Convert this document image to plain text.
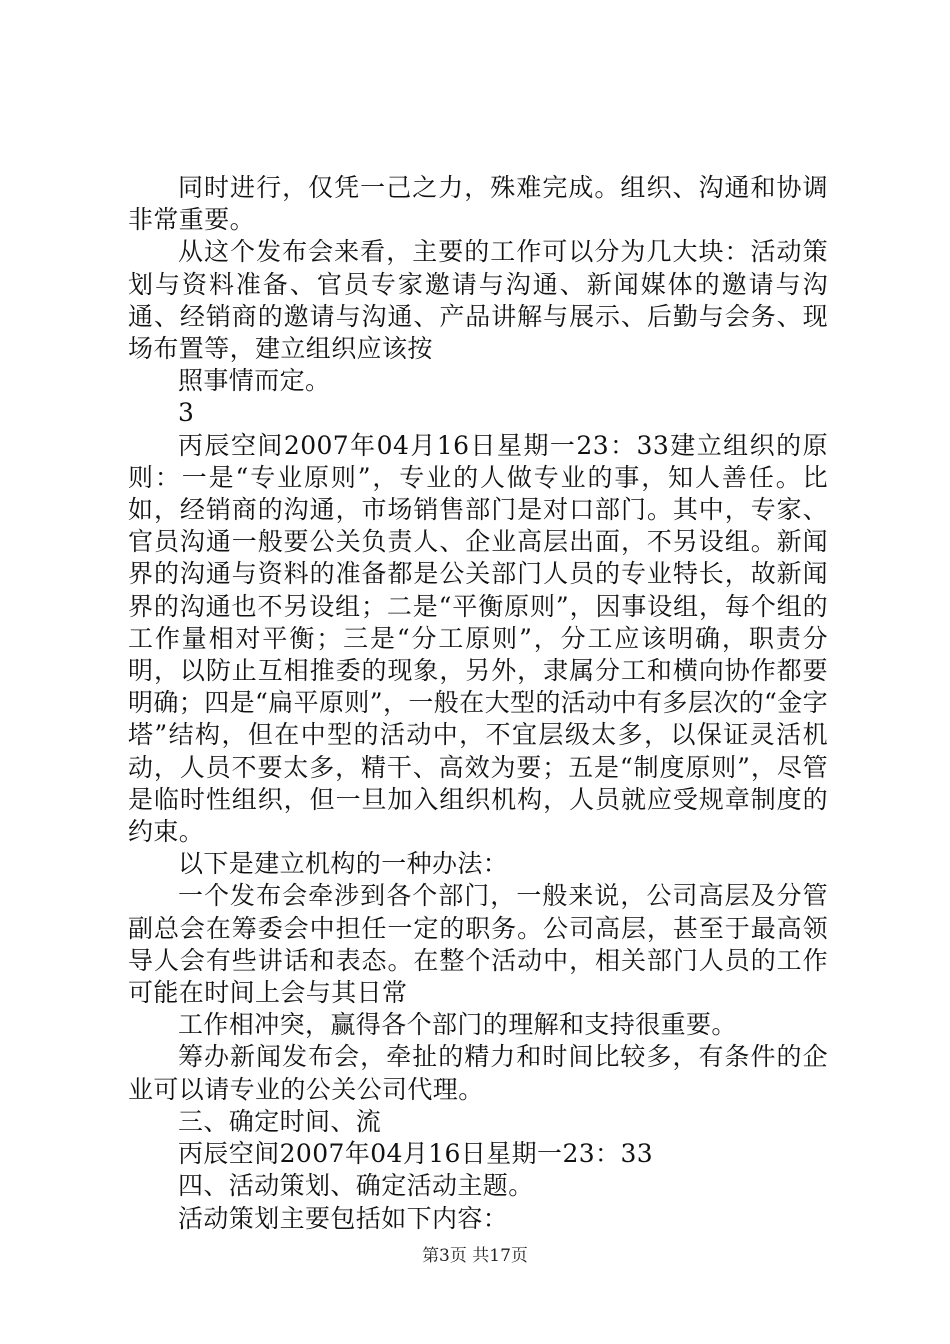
同时进行，仅凭一己之力，殊难完成。组织、沟通和协调非常重要。

从这个发布会来看，主要的工作可以分为几大块：活动策划与资料准备、官员专家邀请与沟通、新闻媒体的邀请与沟通、经销商的邀请与沟通、产品讲解与展示、后勤与会务、现场布置等，建立组织应该按

照事情而定。

3

丙辰空间2007年04月16日星期一23：33建立组织的原则：一是“专业原则”，专业的人做专业的事，知人善任。比如，经销商的沟通，市场销售部门是对口部门。其中，专家、官员沟通一般要公关负责人、企业高层出面，不另设组。新闻界的沟通与资料的准备都是公关部门人员的专业特长，故新闻界的沟通也不另设组；二是“平衡原则”，因事设组，每个组的工作量相对平衡；三是“分工原则”，分工应该明确，职责分明，以防止互相推委的现象，另外，隶属分工和横向协作都要明确；四是“扁平原则”，一般在大型的活动中有多层次的“金字塔”结构，但在中型的活动中，不宜层级太多，以保证灵活机动，人员不要太多，精干、高效为要；五是“制度原则”，尽管是临时性组织，但一旦加入组织机构，人员就应受规章制度的约束。

以下是建立机构的一种办法：

一个发布会牵涉到各个部门，一般来说，公司高层及分管副总会在筹委会中担任一定的职务。公司高层，甚至于最高领导人会有些讲话和表态。在整个活动中，相关部门人员的工作可能在时间上会与其日常

工作相冲突，赢得各个部门的理解和支持很重要。

筹办新闻发布会，牵扯的精力和时间比较多，有条件的企业可以请专业的公关公司代理。

三、确定时间、流

丙辰空间2007年04月16日星期一23：33

四、活动策划、确定活动主题。

活动策划主要包括如下内容：

第3页 共17页
